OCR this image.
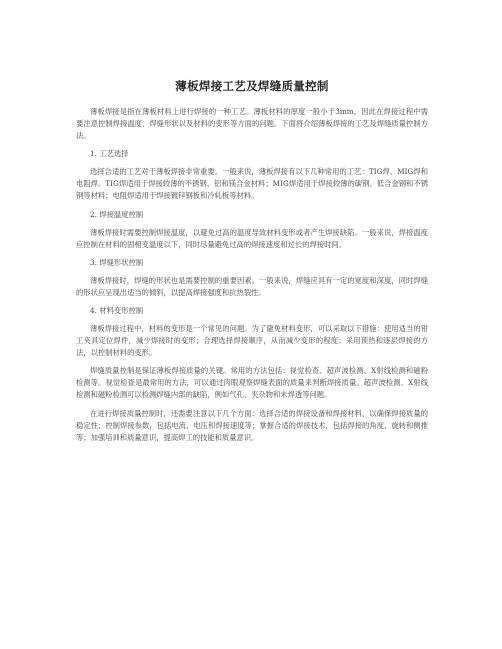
薄板焊接工艺及焊缝质量控制
薄板焊接是指在薄板材料上进行焊接的一种工艺。薄板材料的厚度一般小于3mm，因此在焊接过程中需要注意控制焊接温度、焊缝形状以及材料的变形等方面的问题。下面将介绍薄板焊接的工艺及焊缝质量控制方法。
1. 工艺选择
选择合适的工艺对于薄板焊接非常重要。一般来说，薄板焊接有以下几种常用的工艺：TIG焊、MIG焊和电阻焊。TIG焊适用于焊接较薄的不锈钢、铝和镁合金材料；MIG焊适用于焊接较薄的碳钢、低合金钢和不锈钢等材料；电阻焊适用于焊接镀锌钢板和冷轧板等材料。
2. 焊接温度控制
薄板焊接时需要控制焊接温度，以避免过高的温度导致材料变形或者产生焊接缺陷。一般来说，焊接温度应控制在材料的固相变温度以下，同时尽量避免过高的焊接速度和过长的焊接时间。
3. 焊缝形状控制
薄板焊接时，焊缝的形状也是需要控制的重要因素。一般来说，焊缝应具有一定的宽度和深度，同时焊缝的形状应呈现出适当的倾斜，以提高焊接强度和抗热裂性。
4. 材料变形控制
薄板焊接过程中，材料的变形是一个常见的问题。为了避免材料变形，可以采取以下措施：使用适当的钳工夹具定位焊件，减少焊接时的变形；合理选择焊接顺序，从而减少变形的程度；采用预热和逐层焊接的方法，以控制材料的变形。
焊缝质量控制是保证薄板焊接质量的关键。常用的方法包括：视觉检查、超声波检测、X射线检测和磁粉检测等。视觉检查是最常用的方法，可以通过肉眼观察焊缝表面的质量来判断焊接质量。超声波检测、X射线检测和磁粉检测可以检测焊缝内部的缺陷，例如气孔、夹杂物和未焊透等问题。
在进行焊接质量控制时，还需要注意以下几个方面：选择合适的焊接设备和焊接材料，以确保焊接质量的稳定性；控制焊接参数，包括电流、电压和焊接速度等；掌握合适的焊接技术，包括焊接的角度、旋转和侧推等；加强培训和质量意识，提高焊工的技能和质量意识。
